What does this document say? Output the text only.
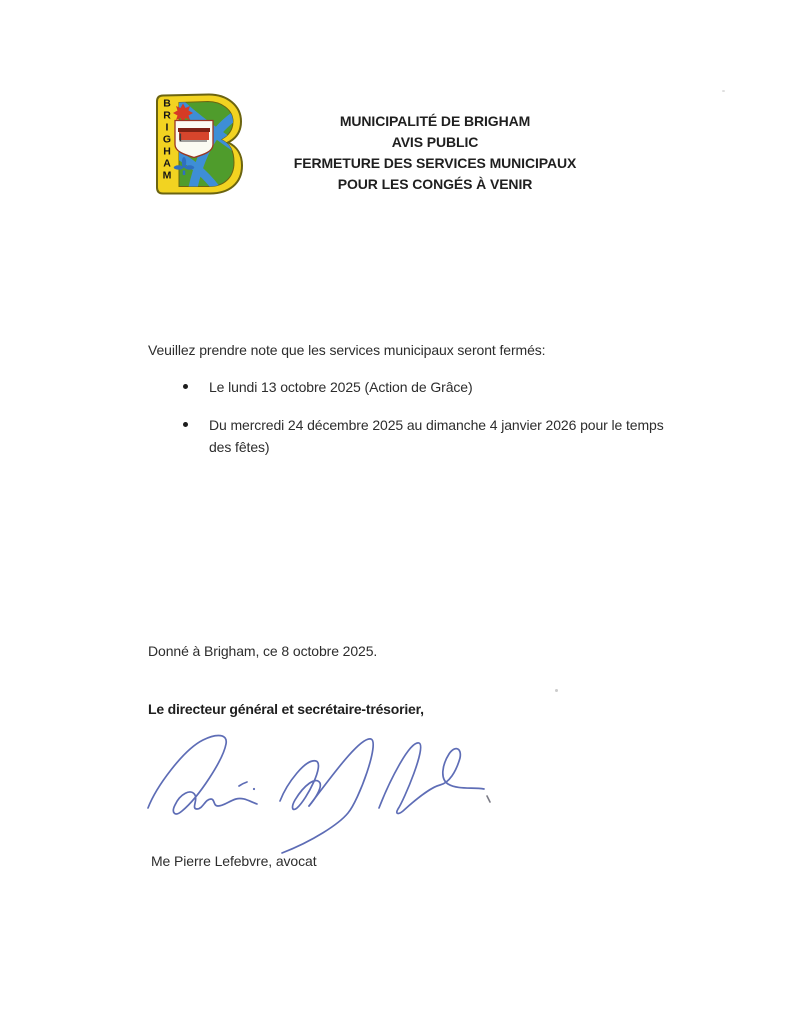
B
R
I
G
H
A
M
MUNICIPALITÉ DE BRIGHAM
AVIS PUBLIC
FERMETURE DES SERVICES MUNICIPAUX
POUR LES CONGÉS À VENIR

Veuillez prendre note que les services municipaux seront fermés:

Le lundi 13 octobre 2025 (Action de Grâce)
Du mercredi 24 décembre 2025 au dimanche 4 janvier 2026 pour le temps des fêtes)

Donné à Brigham, ce 8 octobre 2025.

Le directeur général et secrétaire-trésorier,

Me Pierre Lefebvre, avocat
